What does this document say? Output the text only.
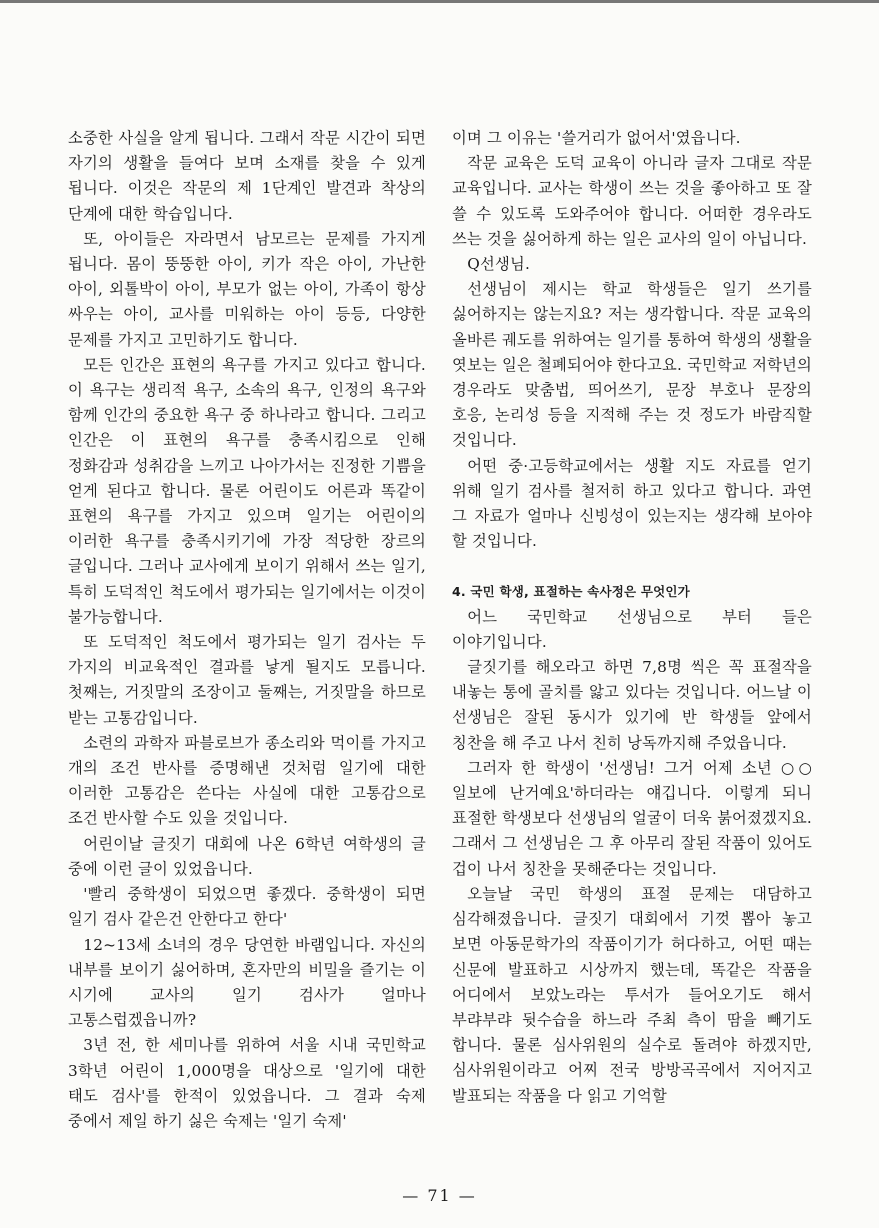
소중한 사실을 알게 됩니다. 그래서 작문 시간이 되면 자기의 생활을 들여다 보며 소재를 찾을 수 있게 됩니다. 이것은 작문의 제 1단계인 발견과 착상의 단계에 대한 학습입니다.

또, 아이들은 자라면서 남모르는 문제를 가지게 됩니다. 몸이 뚱뚱한 아이, 키가 작은 아이, 가난한 아이, 외톨박이 아이, 부모가 없는 아이, 가족이 항상 싸우는 아이, 교사를 미워하는 아이 등등, 다양한 문제를 가지고 고민하기도 합니다.

모든 인간은 표현의 욕구를 가지고 있다고 합니다. 이 욕구는 생리적 욕구, 소속의 욕구, 인정의 욕구와 함께 인간의 중요한 욕구 중 하나라고 합니다. 그리고 인간은 이 표현의 욕구를 충족시킴으로 인해 정화감과 성취감을 느끼고 나아가서는 진정한 기쁨을 얻게 된다고 합니다. 물론 어린이도 어른과 똑같이 표현의 욕구를 가지고 있으며 일기는 어린이의 이러한 욕구를 충족시키기에 가장 적당한 장르의 글입니다. 그러나 교사에게 보이기 위해서 쓰는 일기, 특히 도덕적인 척도에서 평가되는 일기에서는 이것이 불가능합니다.

또 도덕적인 척도에서 평가되는 일기 검사는 두 가지의 비교육적인 결과를 낳게 될지도 모릅니다. 첫째는, 거짓말의 조장이고 둘째는, 거짓말을 하므로 받는 고통감입니다.

소련의 과학자 파블로브가 종소리와 먹이를 가지고 개의 조건 반사를 증명해낸 것처럼 일기에 대한 이러한 고통감은 쓴다는 사실에 대한 고통감으로 조건 반사할 수도 있을 것입니다.

어린이날 글짓기 대회에 나온 6학년 여학생의 글 중에 이런 글이 있었읍니다.

'빨리 중학생이 되었으면 좋겠다. 중학생이 되면 일기 검사 같은건 안한다고 한다'

12~13세 소녀의 경우 당연한 바램입니다. 자신의 내부를 보이기 싫어하며, 혼자만의 비밀을 즐기는 이 시기에 교사의 일기 검사가 얼마나 고통스럽겠읍니까?

3년 전, 한 세미나를 위하여 서울 시내 국민학교 3학년 어린이 1,000명을 대상으로 '일기에 대한 태도 검사'를 한적이 있었읍니다. 그 결과 숙제 중에서 제일 하기 싫은 숙제는 '일기 숙제'

이며 그 이유는 '쓸거리가 없어서'였읍니다.

작문 교육은 도덕 교육이 아니라 글자 그대로 작문 교육입니다. 교사는 학생이 쓰는 것을 좋아하고 또 잘 쓸 수 있도록 도와주어야 합니다. 어떠한 경우라도 쓰는 것을 싫어하게 하는 일은 교사의 일이 아닙니다.

Q선생님.

선생님이 제시는 학교 학생들은 일기 쓰기를 싫어하지는 않는지요? 저는 생각합니다. 작문 교육의 올바른 궤도를 위하여는 일기를 통하여 학생의 생활을 엿보는 일은 철폐되어야 한다고요. 국민학교 저학년의 경우라도 맞춤법, 띄어쓰기, 문장 부호나 문장의 호응, 논리성 등을 지적해 주는 것 정도가 바람직할 것입니다.

어떤 중·고등학교에서는 생활 지도 자료를 얻기 위해 일기 검사를 철저히 하고 있다고 합니다. 과연 그 자료가 얼마나 신빙성이 있는지는 생각해 보아야 할 것입니다.

4. 국민 학생, 표절하는 속사정은 무엇인가

어느 국민학교 선생님으로 부터 들은 이야기입니다.

글짓기를 해오라고 하면 7,8명 씩은 꼭 표절작을 내놓는 통에 골치를 앓고 있다는 것입니다. 어느날 이 선생님은 잘된 동시가 있기에 반 학생들 앞에서 칭찬을 해 주고 나서 친히 낭독까지해 주었읍니다.

그러자 한 학생이 '선생님! 그거 어제 소년 ○○일보에 난거예요'하더라는 얘깁니다. 이렇게 되니 표절한 학생보다 선생님의 얼굴이 더욱 붉어졌겠지요. 그래서 그 선생님은 그 후 아무리 잘된 작품이 있어도 겁이 나서 칭찬을 못해준다는 것입니다.

오늘날 국민 학생의 표절 문제는 대담하고 심각해졌읍니다. 글짓기 대회에서 기껏 뽑아 놓고 보면 아동문학가의 작품이기가 허다하고, 어떤 때는 신문에 발표하고 시상까지 했는데, 똑같은 작품을 어디에서 보았노라는 투서가 들어오기도 해서 부랴부랴 뒷수습을 하느라 주최 측이 땀을 빼기도 합니다. 물론 심사위원의 실수로 돌려야 하겠지만, 심사위원이라고 어찌 전국 방방곡곡에서 지어지고 발표되는 작품을 다 읽고 기억할

— 71 —
